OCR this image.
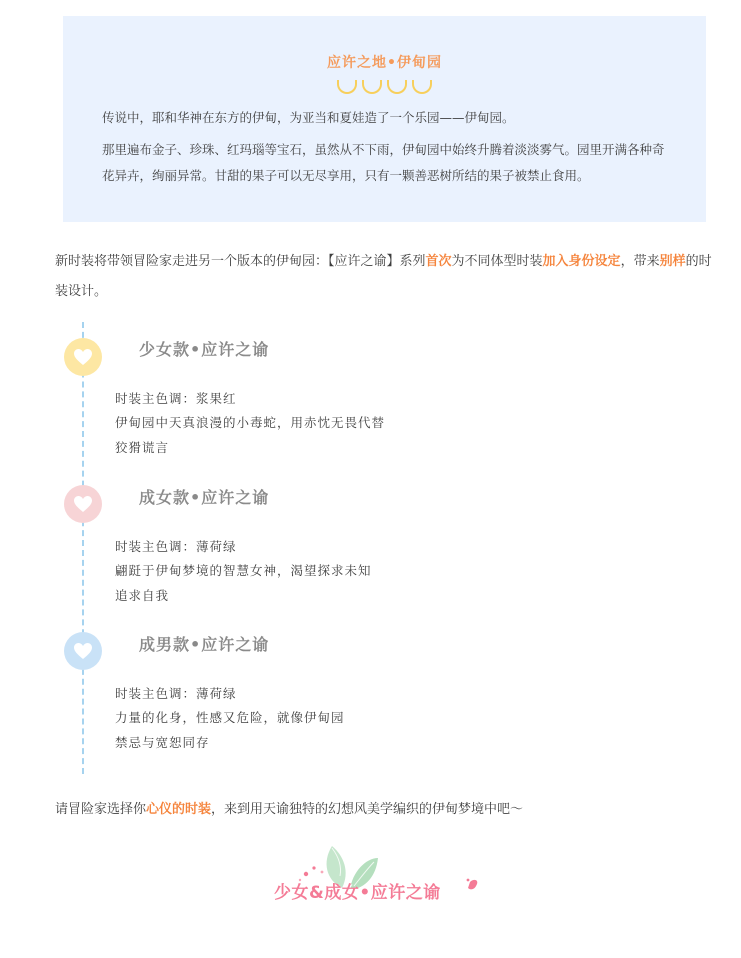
应许之地•伊甸园

传说中，耶和华神在东方的伊甸，为亚当和夏娃造了一个乐园——伊甸园。

那里遍布金子、珍珠、红玛瑙等宝石，虽然从不下雨，伊甸园中始终升腾着淡淡雾气。园里开满各种奇花异卉，绚丽异常。甘甜的果子可以无尽享用，只有一颗善恶树所结的果子被禁止食用。

新时装将带领冒险家走进另一个版本的伊甸园：【应许之谕】系列首次为不同体型时装加入身份设定，带来别样的时装设计。

少女款•应许之谕
时装主色调：浆果红
伊甸园中天真浪漫的小毒蛇，用赤忱无畏代替
狡猾谎言
成女款•应许之谕
时装主色调：薄荷绿
翩跹于伊甸梦境的智慧女神，渴望探求未知
追求自我
成男款•应许之谕
时装主色调：薄荷绿
力量的化身，性感又危险，就像伊甸园
禁忌与宽恕同存

请冒险家选择你心仪的时装，来到用天谕独特的幻想风美学编织的伊甸梦境中吧～

少女&成女•应许之谕
